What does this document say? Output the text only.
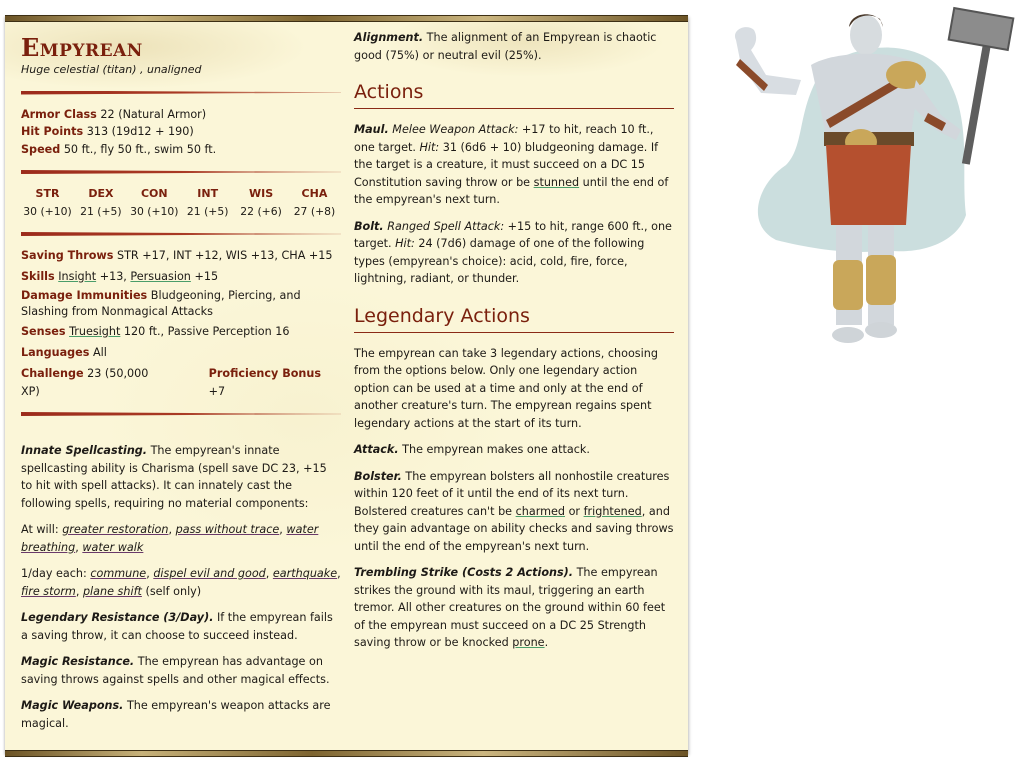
Empyrean
Huge celestial (titan) , unaligned
Armor Class 22 (Natural Armor)
Hit Points 313 (19d12 + 190)
Speed 50 ft., fly 50 ft., swim 50 ft.
STR
30 (+10)
DEX
21 (+5)
CON
30 (+10)
INT
21 (+5)
WIS
22 (+6)
CHA
27 (+8)
Saving Throws STR +17, INT +12, WIS +13, CHA +15
Skills Insight +13, Persuasion +15
Damage Immunities Bludgeoning, Piercing, and Slashing from Nonmagical Attacks
Senses Truesight 120 ft., Passive Perception 16
Languages All
Challenge 23 (50,000 XP)
Proficiency Bonus +7

Innate Spellcasting. The empyrean's innate spellcasting ability is Charisma (spell save DC 23, +15 to hit with spell attacks). It can innately cast the following spells, requiring no material components:

At will: greater restoration, pass without trace, water breathing, water walk

1/day each: commune, dispel evil and good, earthquake, fire storm, plane shift (self only)

Legendary Resistance (3/Day). If the empyrean fails a saving throw, it can choose to succeed instead.

Magic Resistance. The empyrean has advantage on saving throws against spells and other magical effects.

Magic Weapons. The empyrean's weapon attacks are magical.

Alignment. The alignment of an Empyrean is chaotic good (75%) or neutral evil (25%).

Actions

Maul. Melee Weapon Attack: +17 to hit, reach 10 ft., one target. Hit: 31 (6d6 + 10) bludgeoning damage. If the target is a creature, it must succeed on a DC 15 Constitution saving throw or be stunned until the end of the empyrean's next turn.

Bolt. Ranged Spell Attack: +15 to hit, range 600 ft., one target. Hit: 24 (7d6) damage of one of the following types (empyrean's choice): acid, cold, fire, force, lightning, radiant, or thunder.

Legendary Actions

The empyrean can take 3 legendary actions, choosing from the options below. Only one legendary action option can be used at a time and only at the end of another creature's turn. The empyrean regains spent legendary actions at the start of its turn.

Attack. The empyrean makes one attack.

Bolster. The empyrean bolsters all nonhostile creatures within 120 feet of it until the end of its next turn. Bolstered creatures can't be charmed or frightened, and they gain advantage on ability checks and saving throws until the end of the empyrean's next turn.

Trembling Strike (Costs 2 Actions). The empyrean strikes the ground with its maul, triggering an earth tremor. All other creatures on the ground within 60 feet of the empyrean must succeed on a DC 25 Strength saving throw or be knocked prone.
